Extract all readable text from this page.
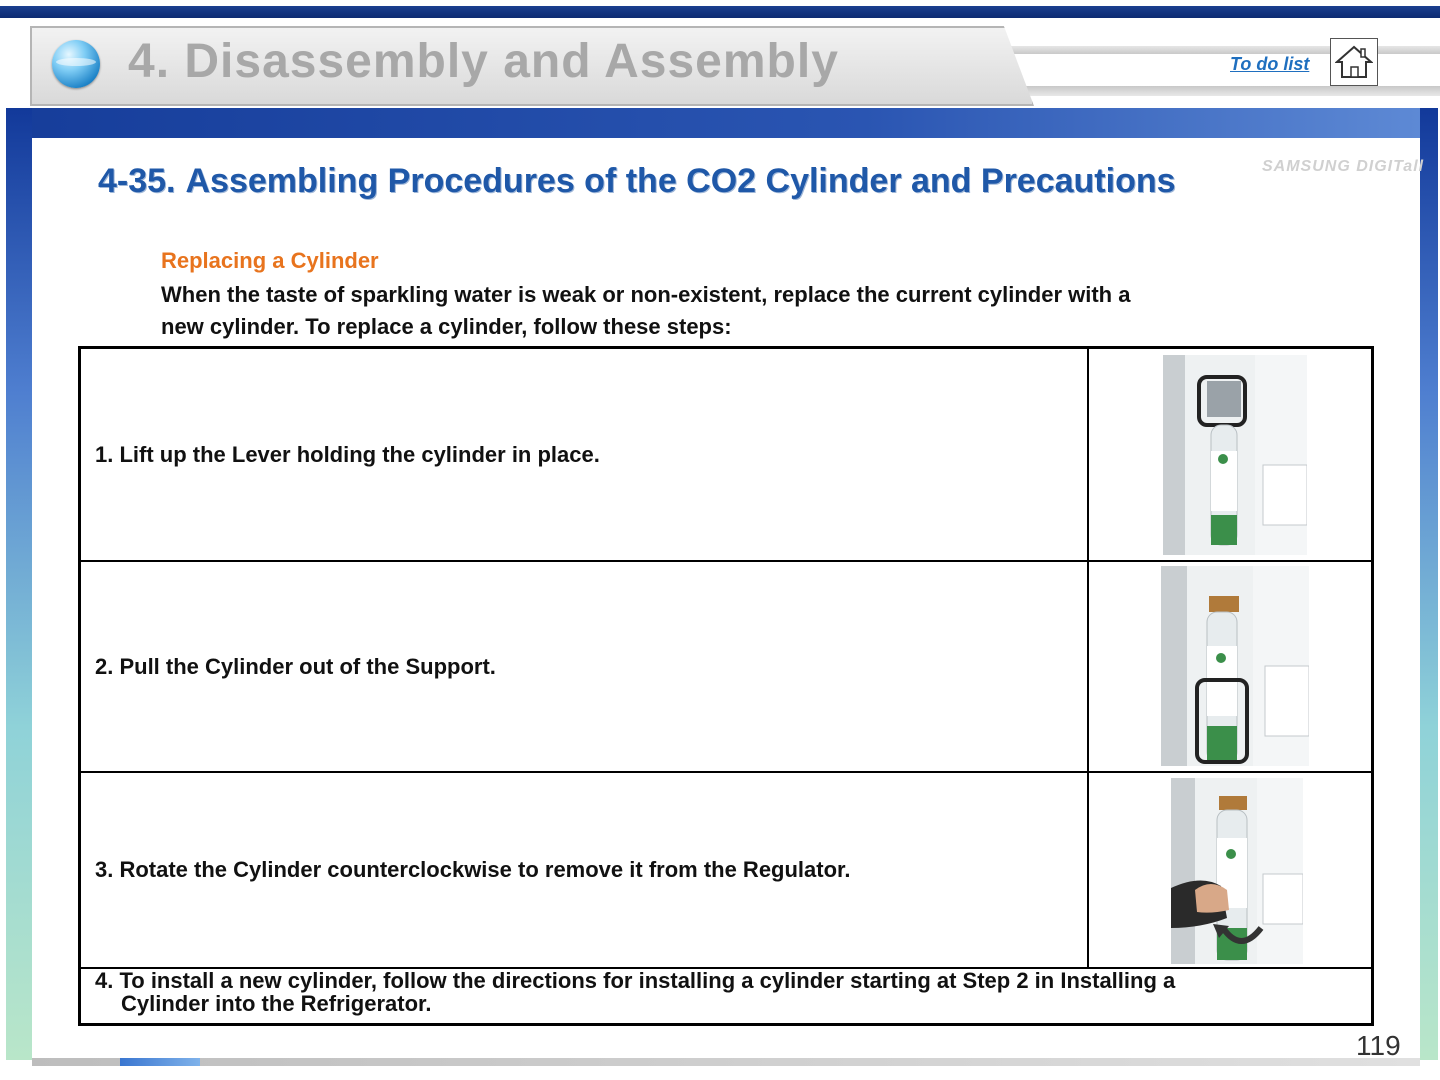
4. Disassembly and Assembly	To do list
SAMSUNG DIGITall
4-35. Assembling Procedures of the CO2 Cylinder and Precautions
Replacing a Cylinder
When the taste of sparkling water is weak or non-existent, replace the current cylinder with a new cylinder. To replace a cylinder, follow these steps:
1. Lift up the Lever holding the cylinder in place.
2. Pull the Cylinder out of the Support.
3. Rotate the Cylinder counterclockwise to remove it from the Regulator.
4. To install a new cylinder, follow the directions for installing a cylinder starting at Step 2 in Installing a
Cylinder into the Refrigerator.
119
